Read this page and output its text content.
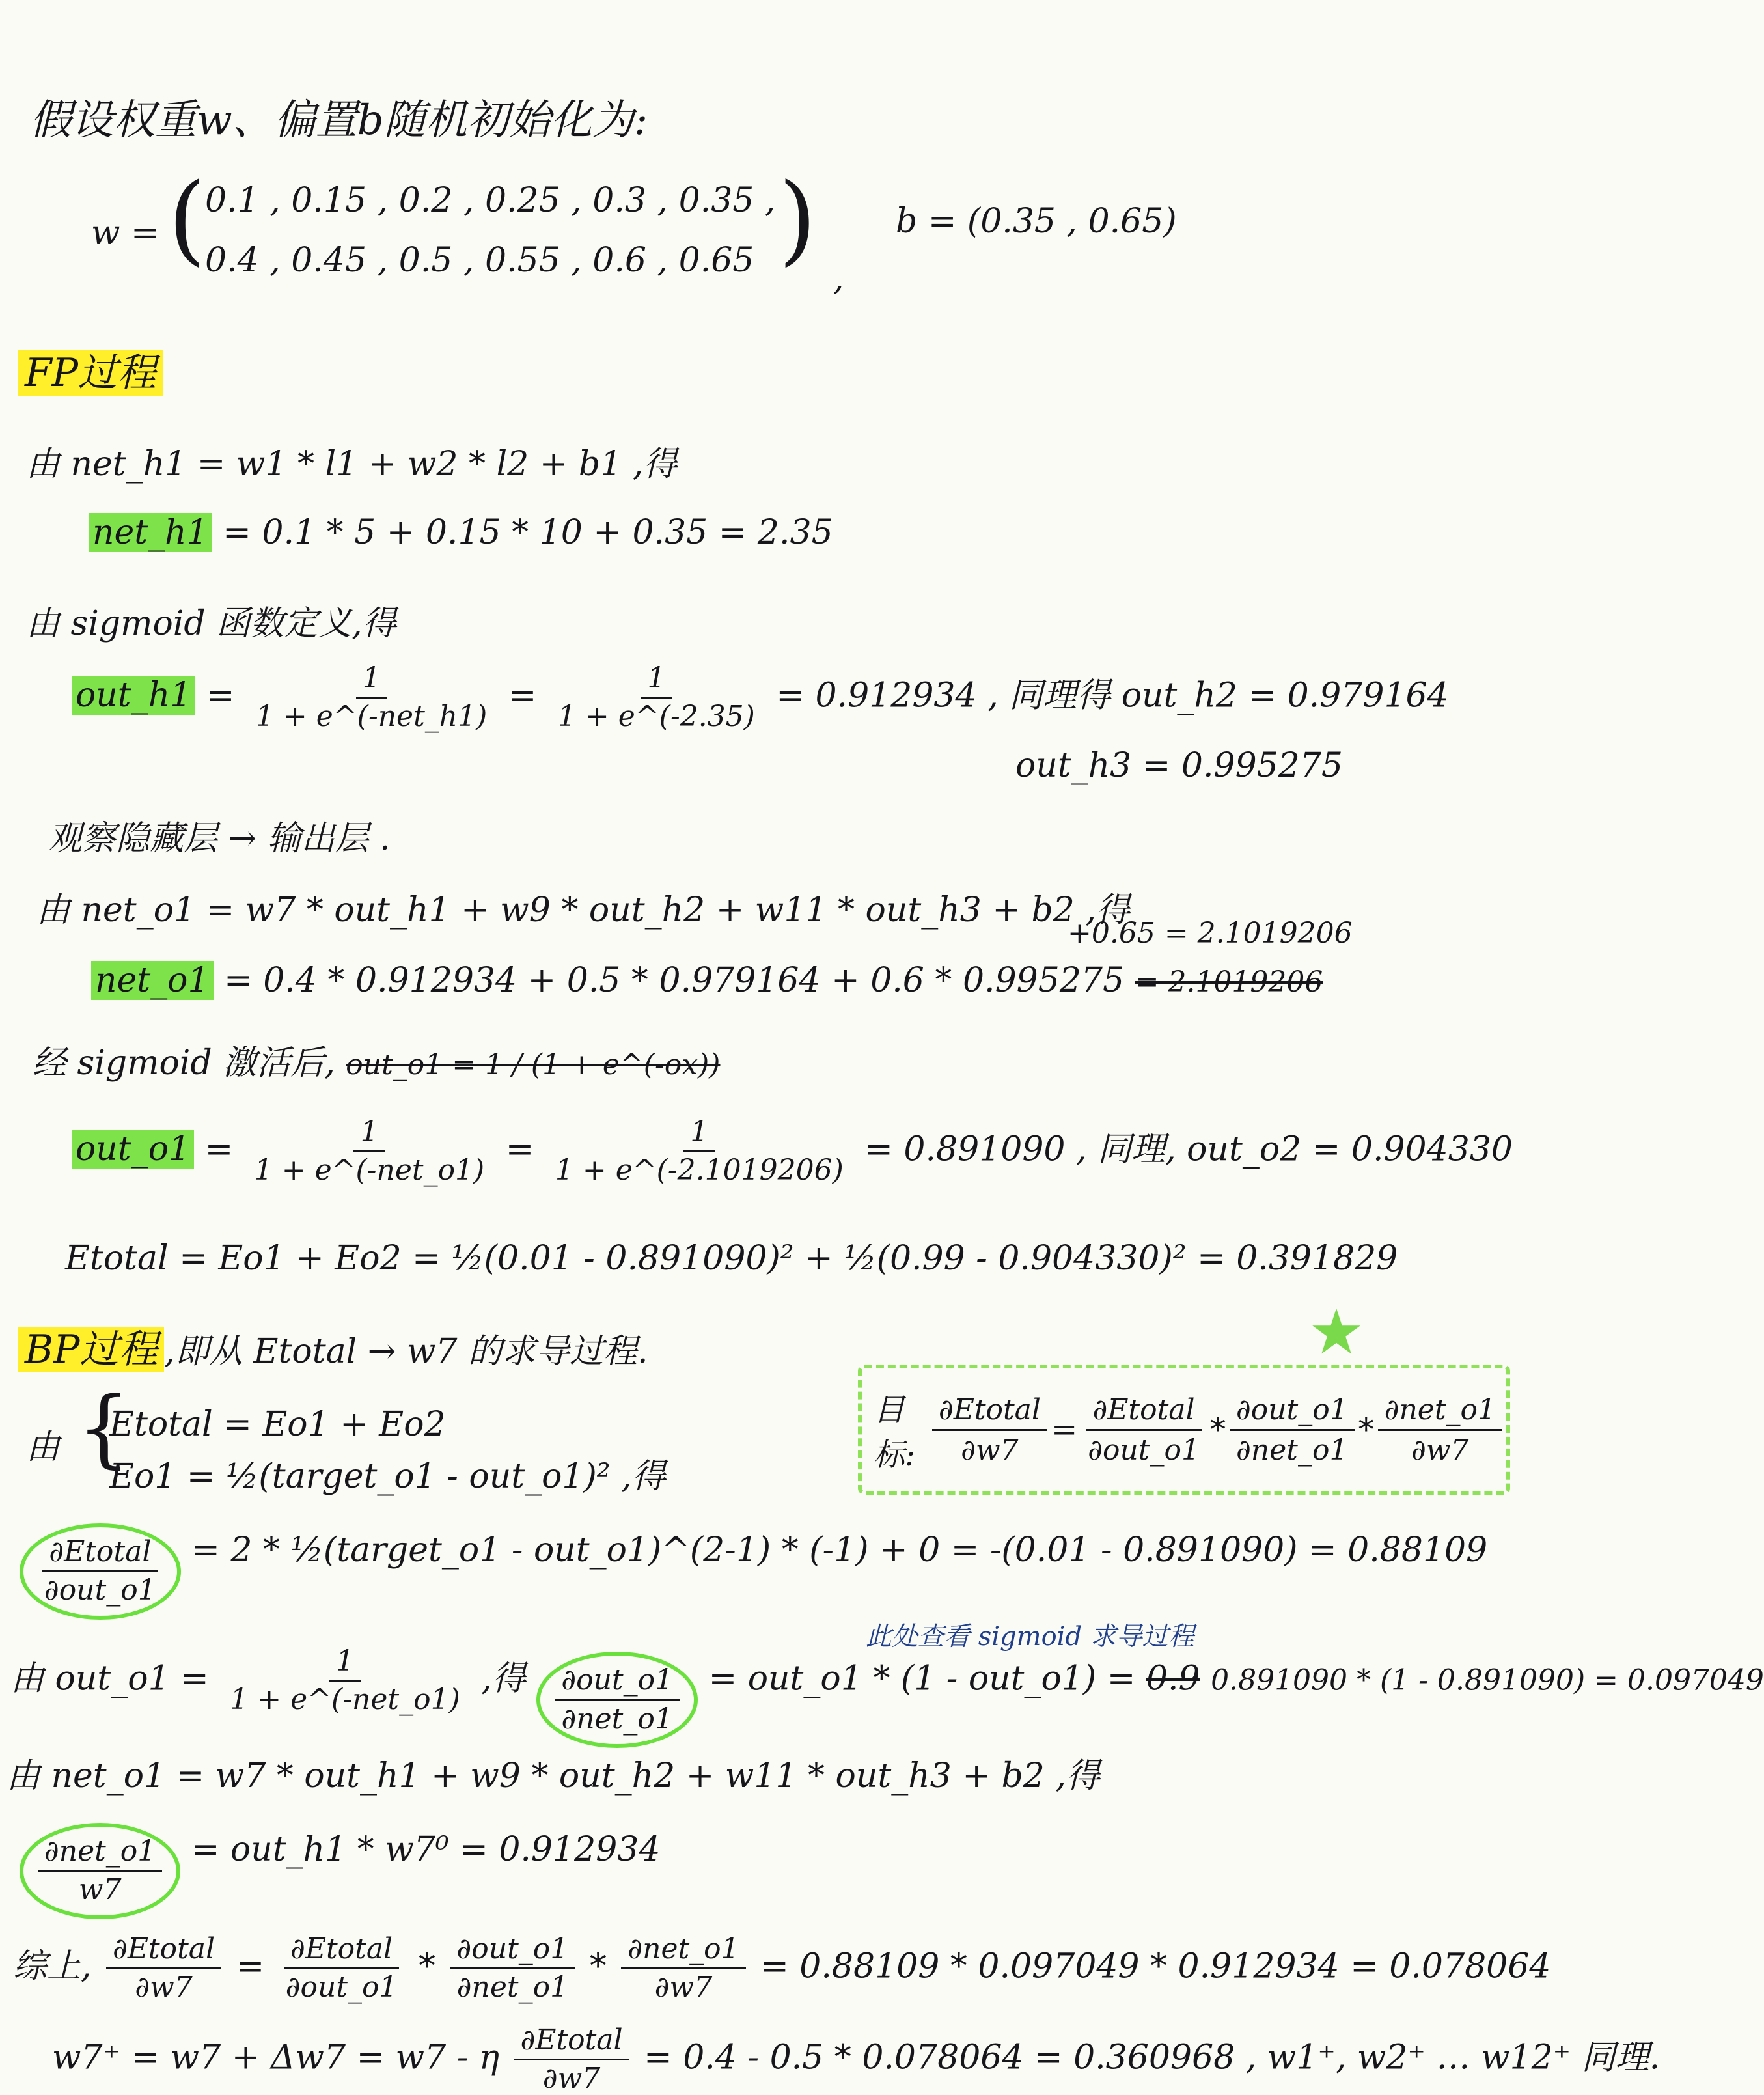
假设权重w、偏置b随机初始化为:
w = (
0.1 , 0.15 , 0.2 , 0.25 , 0.3 , 0.35 ,
0.4 , 0.45 , 0.5 , 0.55 , 0.6 , 0.65 )
,
b = (0.35 , 0.65)
FP过程
由 net_h1 = w1 * l1 + w2 * l2 + b1 ,得
net_h1 = 0.1 * 5 + 0.15 * 10 + 0.35 = 2.35
由 sigmoid 函数定义,得
out_h1 = $\frac{1}{\text{1 + e\textasciicircum{}(-net\_h1)}} = \frac{1}{1 + e\^{}(-2.35)} = 0.912934$ , 同理得 out_h2 = 0.979164
out_h3 = 0.995275
观察隐藏层 → 输出层 .
由 net_o1 = w7 * out_h1 + w9 * out_h2 + w11 * out_h3 + b2 ,得
+0.65 = 2.1019206
net_o1 = 0.4 * 0.912934 + 0.5 * 0.979164 + 0.6 * 0.995275 = 2.1019206
经 sigmoid 激活后, out_o1 = 1 / (1 + e^(-ox))
out_o1 = $\frac{1}{\text{1 + e\textasciicircum{}(-net\_o1)}} = \frac{1}{1 + e\^{}(-2.1019206)} = 0.891090$ , 同理, out_o2 = 0.904330
Etotal = Eo1 + Eo2 = ½(0.01 - 0.891090)² + ½(0.99 - 0.904330)² = 0.391829
BP过程 ,即从 Etotal → w7 的求导过程.	★
目标: $\frac{\text{∂Etotal}}{\partial w7} = \frac{\text{∂Etotal}}{\text{∂out\_o1}} * \frac{\text{∂out\_o1}}{\text{∂net\_o1}} * \frac{\text{∂net\_o1}}{\partial w7}$
由 {
Etotal = Eo1 + Eo2
Eo1 = ½(target_o1 - out_o1)² ,得
$\frac{\text{∂Etotal}}{\text{∂out\_o1}} = 2$ * ½(target_o1 - out_o1)^(2-1) * (-1) + 0 = -(0.01 - 0.891090) = 0.88109
此处查看 sigmoid 求导过程
由 out_o1 = $\frac{1}{\text{1 + e\textasciicircum{}(-net\_o1)}}$ ,得 $\frac{\text{∂out\_o1}}{\text{∂net\_o1}}$ = out_o1 * (1 - out_o1) = 0.9 0.891090 * (1 - 0.891090) = 0.097049
由 net_o1 = w7 * out_h1 + w9 * out_h2 + w11 * out_h3 + b2 ,得
$\frac{\text{∂net\_o1}}{w7}$ = out_h1 * w7⁰ = 0.912934
综上, $\frac{\text{∂Etotal}}{\partial w7} = \frac{\text{∂Etotal}}{\text{∂out\_o1}} * \frac{\text{∂out\_o1}}{\text{∂net\_o1}} * \frac{\text{∂net\_o1}}{\partial w7} = 0.88109 * 0.097049 * 0.912934 = 0.078064$
w7⁺ = w7 + Δw7 = w7 - η $\frac{\text{∂Etotal}}{\partial w7} = 0.4 - 0.5 * 0.078064 = 0.360968$ , w1⁺, w2⁺ … w12⁺ 同理.
